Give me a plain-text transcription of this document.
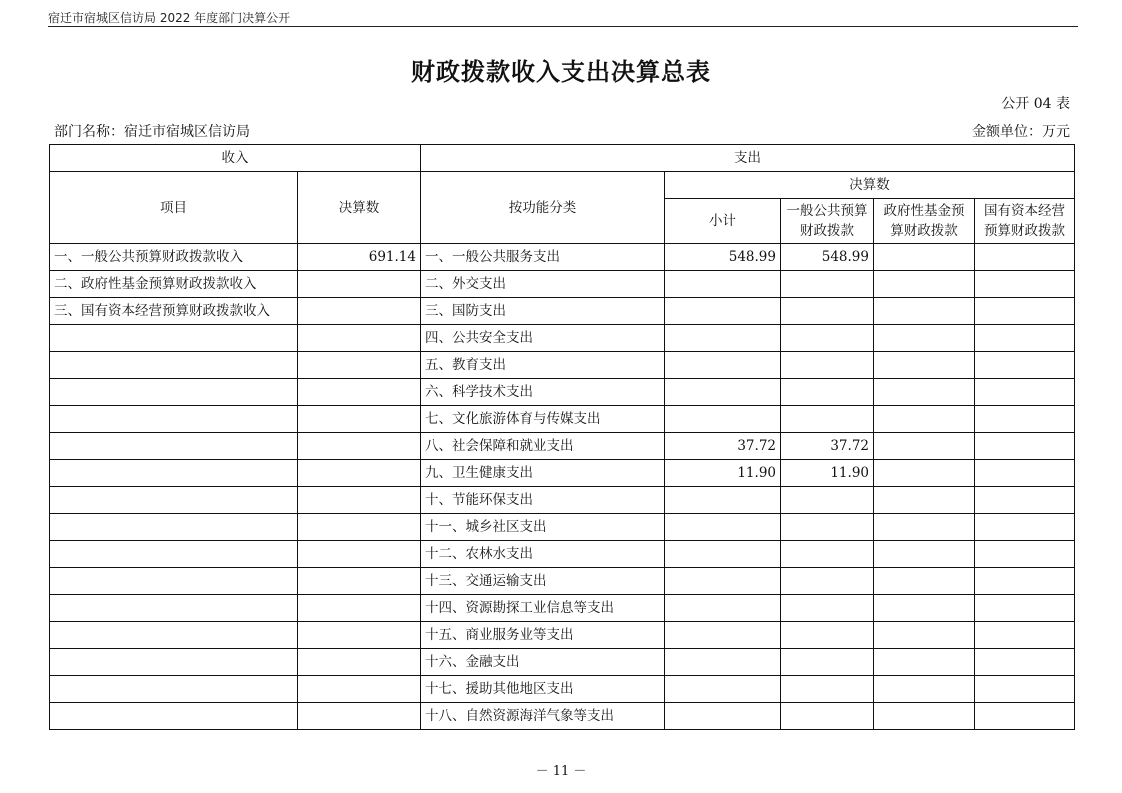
宿迁市宿城区信访局 2022 年度部门决算公开
财政拨款收入支出决算总表
公开 04 表
部门名称：宿迁市宿城区信访局	金额单位：万元
收入		支出				
项目	决算数	按功能分类	决算数			
			小计	一般公共预算财政拨款	政府性基金预算财政拨款	国有资本经营预算财政拨款
一、一般公共预算财政拨款收入	691.14	一、一般公共服务支出	548.99	548.99		
二、政府性基金预算财政拨款收入		二、外交支出				
三、国有资本经营预算财政拨款收入		三、国防支出				
		四、公共安全支出				
		五、教育支出				
		六、科学技术支出				
		七、文化旅游体育与传媒支出				
		八、社会保障和就业支出	37.72	37.72		
		九、卫生健康支出	11.90	11.90		
		十、节能环保支出				
		十一、城乡社区支出				
		十二、农林水支出				
		十三、交通运输支出				
		十四、资源勘探工业信息等支出				
		十五、商业服务业等支出				
		十六、金融支出				
		十七、援助其他地区支出				
		十八、自然资源海洋气象等支出				
－ 11 －
